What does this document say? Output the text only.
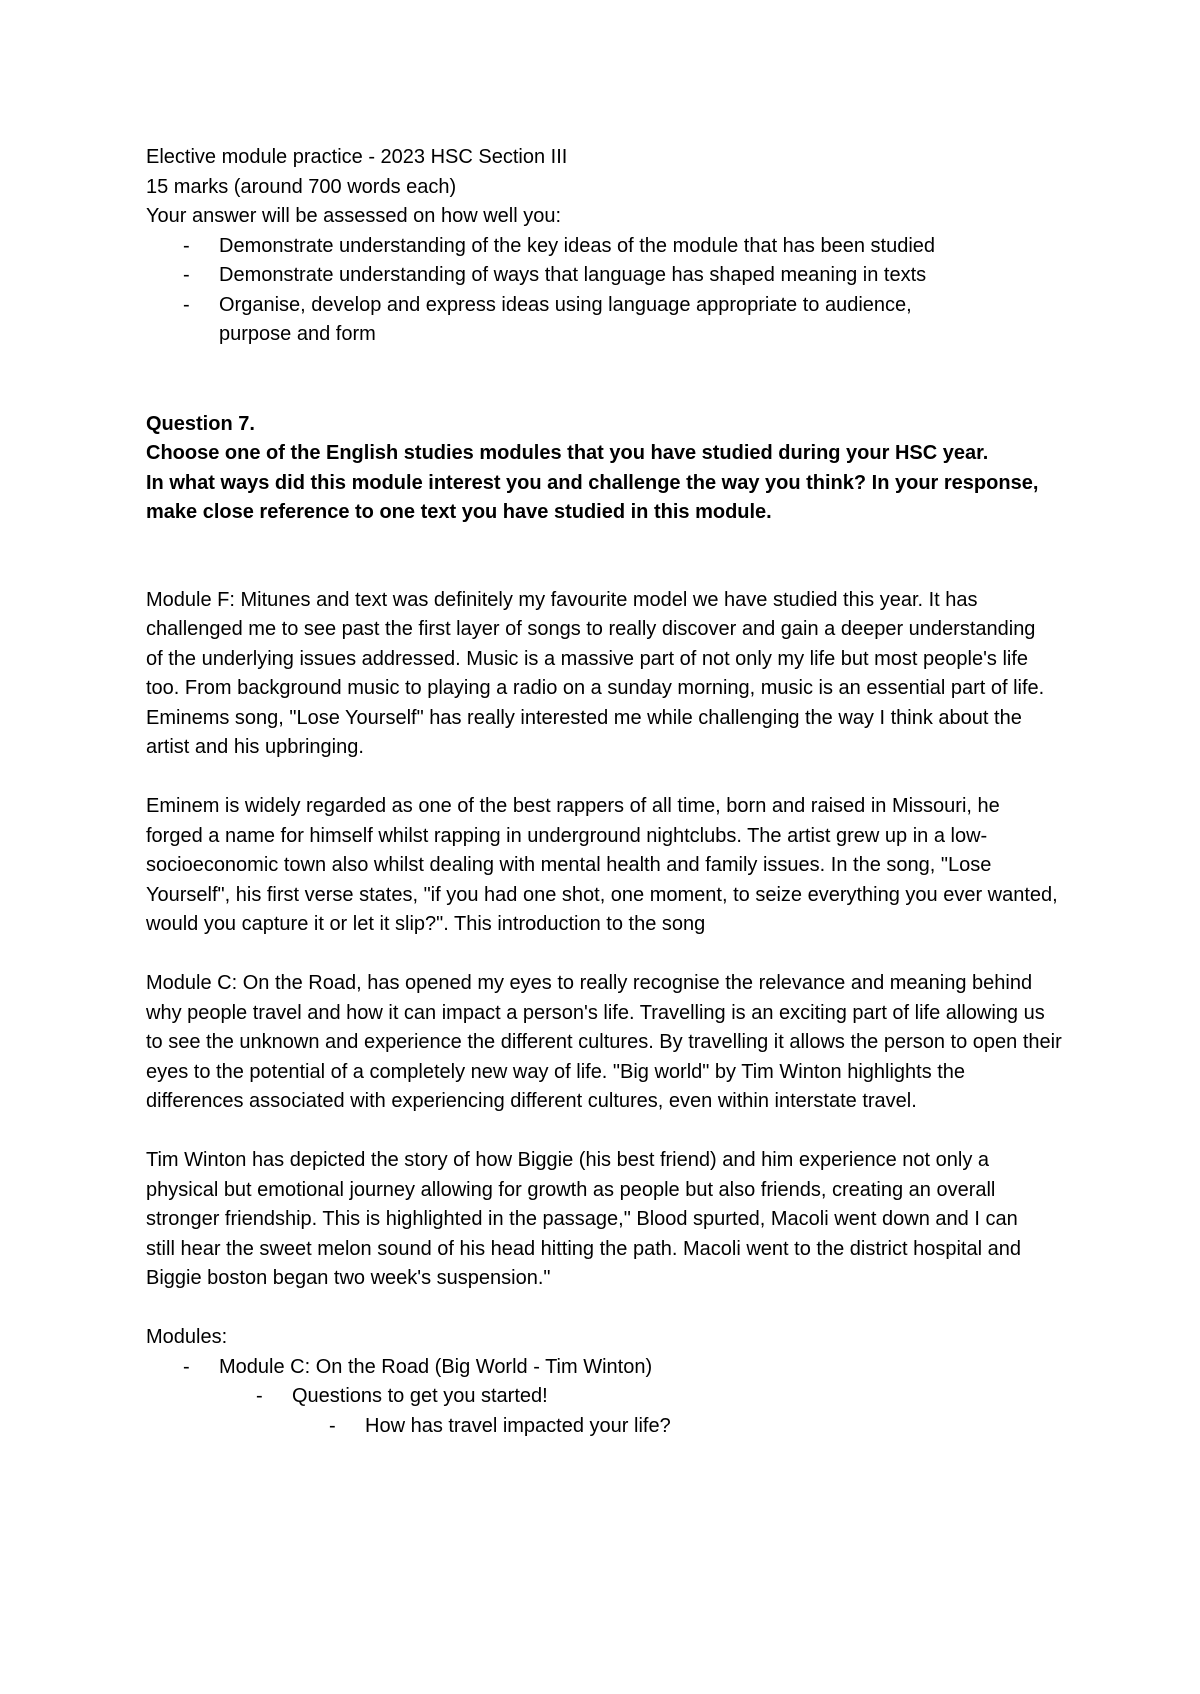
Elective module practice - 2023 HSC Section III

15 marks (around 700 words each)

Your answer will be assessed on how well you:

- Demonstrate understanding of the key ideas of the module that has been studied
- Demonstrate understanding of ways that language has shaped meaning in texts
- Organise, develop and express ideas using language appropriate to audience, purpose and form

Question 7.

Choose one of the English studies modules that you have studied during your HSC year.

In what ways did this module interest you and challenge the way you think? In your response, make close reference to one text you have studied in this module.

Module F: Mitunes and text was definitely my favourite model we have studied this year. It has challenged me to see past the first layer of songs to really discover and gain a deeper understanding of the underlying issues addressed. Music is a massive part of not only my life but most people's life too. From background music to playing a radio on a sunday morning, music is an essential part of life. Eminems song, "Lose Yourself" has really interested me while challenging the way I think about the artist and his upbringing.

Eminem is widely regarded as one of the best rappers of all time, born and raised in Missouri, he forged a name for himself whilst rapping in underground nightclubs. The artist grew up in a low-socioeconomic town also whilst dealing with mental health and family issues. In the song, "Lose Yourself", his first verse states, "if you had one shot, one moment, to seize everything you ever wanted, would you capture it or let it slip?". This introduction to the song

Module C: On the Road, has opened my eyes to really recognise the relevance and meaning behind why people travel and how it can impact a person's life. Travelling is an exciting part of life allowing us to see the unknown and experience the different cultures. By travelling it allows the person to open their eyes to the potential of a completely new way of life. "Big world" by Tim Winton highlights the differences associated with experiencing different cultures, even within interstate travel.

Tim Winton has depicted the story of how Biggie (his best friend) and him experience not only a physical but emotional journey allowing for growth as people but also friends, creating an overall stronger friendship. This is highlighted in the passage," Blood spurted, Macoli went down and I can still hear the sweet melon sound of his head hitting the path. Macoli went to the district hospital and Biggie boston began two week's suspension."

Modules:

- Module C: On the Road (Big World - Tim Winton)
- Questions to get you started!
- How has travel impacted your life?
